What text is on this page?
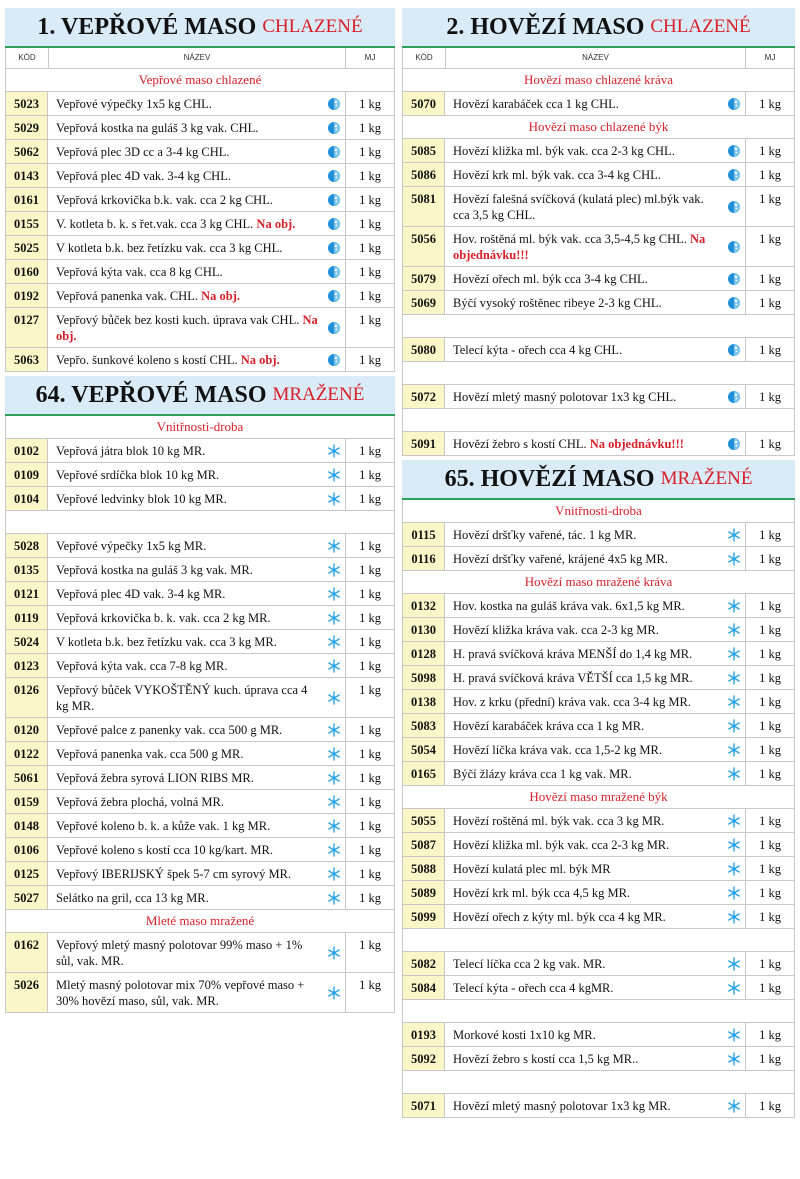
1. VEPŘOVÉ MASO CHLAZENÉ
KÓD	NÁZEV	MJ
Vepřové maso chlazené
5023	Vepřové výpečky 1x5 kg CHL.	1 kg
5029	Vepřová kostka na guláš 3 kg vak. CHL.	1 kg
5062	Vepřová plec 3D cc a 3-4 kg CHL.	1 kg
0143	Vepřová plec 4D vak. 3-4 kg CHL.	1 kg
0161	Vepřová krkovička b.k. vak. cca 2 kg CHL.	1 kg
0155	V. kotleta b. k. s řet.vak. cca 3 kg CHL. Na obj.	1 kg
5025	V kotleta b.k. bez řetízku vak. cca 3 kg CHL.	1 kg
0160	Vepřová kýta vak. cca 8 kg CHL.	1 kg
0192	Vepřová panenka vak. CHL. Na obj.	1 kg
0127	Vepřový bůček bez kosti kuch. úprava vak CHL. Na obj.
1 kg
5063	Vepřo. šunkové koleno s kostí CHL. Na obj.	1 kg
64. VEPŘOVÉ MASO MRAŽENÉ
Vnitřnosti-droba
0102	Vepřová játra blok 10 kg MR.	1 kg
0109	Vepřové srdíčka blok 10 kg MR.	1 kg
0104	Vepřové ledvinky blok 10 kg MR.	1 kg
5028	Vepřové výpečky 1x5 kg MR.	1 kg
0135	Vepřová kostka na guláš 3 kg vak. MR.	1 kg
0121	Vepřová plec 4D vak. 3-4 kg MR.	1 kg
0119	Vepřová krkovička b. k. vak. cca 2 kg MR.	1 kg
5024	V kotleta b.k. bez řetízku vak. cca 3 kg MR.	1 kg
0123	Vepřová kýta vak. cca 7-8 kg MR.	1 kg
0126	Vepřový bůček VYKOŠTĚNÝ kuch. úprava cca 4 kg MR.
1 kg
0120	Vepřové palce z panenky vak. cca 500 g MR.	1 kg
0122	Vepřová panenka vak. cca 500 g MR.	1 kg
5061	Vepřová žebra syrová LION RIBS MR.	1 kg
0159	Vepřová žebra plochá, volná MR.	1 kg
0148	Vepřové koleno b. k. a kůže vak. 1 kg MR.	1 kg
0106	Vepřové koleno s kostí cca 10 kg/kart. MR.	1 kg
0125	Vepřový IBERIJSKÝ špek 5-7 cm syrový MR.	1 kg
5027	Selátko na gril, cca 13 kg MR.	1 kg
Mleté maso mražené
0162	Vepřový mletý masný polotovar 99% maso + 1% sůl, vak. MR.
1 kg
5026	Mletý masný polotovar mix 70% vepřové maso + 30% hovězí maso, sůl, vak. MR.
1 kg
2. HOVĚZÍ MASO CHLAZENÉ
KÓD	NÁZEV	MJ
Hovězí maso chlazené kráva
5070	Hovězí karabáček cca 1 kg CHL.	1 kg
Hovězí maso chlazené býk
5085	Hovězí kližka ml. býk vak. cca 2-3 kg CHL.	1 kg
5086	Hovězí krk ml. býk vak. cca 3-4 kg CHL.	1 kg
5081	Hovězí falešná svíčková (kulatá plec) ml.býk vak. cca 3,5 kg CHL.
1 kg
5056	Hov. roštěná ml. býk vak. cca 3,5-4,5 kg CHL. Na objednávku!!!
1 kg
5079	Hovězí ořech ml. býk cca 3-4 kg CHL.	1 kg
5069	Býčí vysoký roštěnec ribeye 2-3 kg CHL.	1 kg
5080	Telecí kýta - ořech cca 4 kg CHL.	1 kg
5072	Hovězí mletý masný polotovar 1x3 kg CHL.	1 kg
5091	Hovězí žebro s kostí CHL. Na objednávku!!!	1 kg
65. HOVĚZÍ MASO MRAŽENÉ
Vnitřnosti-droba
0115	Hovězí dršťky vařené, tác. 1 kg MR.	1 kg
0116	Hovězí dršťky vařené, krájené 4x5 kg MR.	1 kg
Hovězí maso mražené kráva
0132	Hov. kostka na guláš kráva vak. 6x1,5 kg MR.	1 kg
0130	Hovězí kližka kráva vak. cca 2-3 kg MR.	1 kg
0128	H. pravá svíčková kráva MENŠÍ do 1,4 kg MR.	1 kg
5098	H. pravá svíčková kráva VĚTŠÍ cca 1,5 kg MR.	1 kg
0138	Hov. z krku (přední) kráva vak. cca 3-4 kg MR.	1 kg
5083	Hovězí karabáček kráva cca 1 kg MR.	1 kg
5054	Hovězí líčka kráva vak. cca 1,5-2 kg MR.	1 kg
0165	Býčí žlázy kráva cca 1 kg vak. MR.	1 kg
Hovězí maso mražené býk
5055	Hovězí roštěná ml. býk vak. cca 3 kg MR.	1 kg
5087	Hovězí kližka ml. býk vak. cca 2-3 kg MR.	1 kg
5088	Hovězí kulatá plec ml. býk MR	1 kg
5089	Hovězí krk ml. býk cca 4,5 kg MR.	1 kg
5099	Hovězí ořech z kýty ml. býk cca 4 kg MR.	1 kg
5082	Telecí líčka cca 2 kg vak. MR.	1 kg
5084	Telecí kýta - ořech cca 4 kgMR.	1 kg
0193	Morkové kosti 1x10 kg MR.	1 kg
5092	Hovězí žebro s kostí cca 1,5 kg MR..	1 kg
5071	Hovězí mletý masný polotovar 1x3 kg MR.	1 kg
